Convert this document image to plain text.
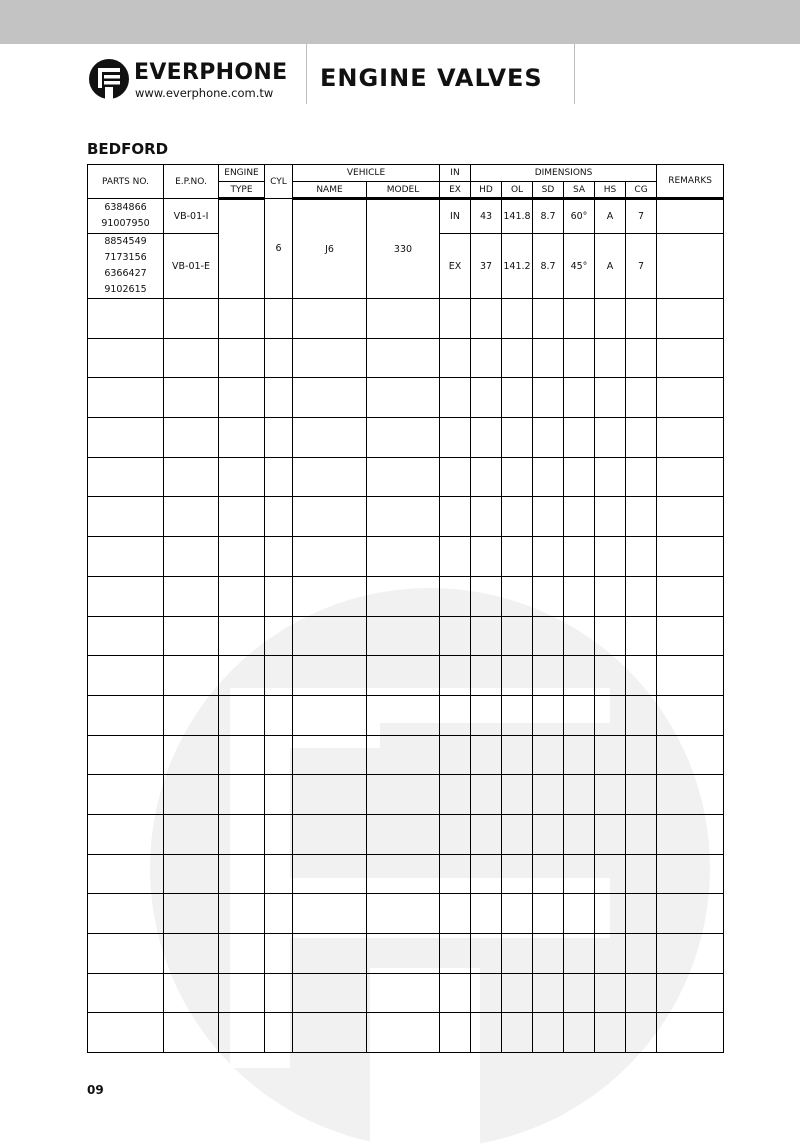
EVERPHONE
www.everphone.com.tw
ENGINE VALVES
BEDFORD
PARTS NO.	E.P.NO.	ENGINE	CYL	VEHICLE		IN	DIMENSIONS						REMARKS
		TYPE		NAME	MODEL	EX	HD	OL	SD	SA	HS	CG	

6384866
91007950	VB-01-I		6	J6	330	IN	43	141.8	8.7	60°	A	7	

8854549
7173156
6366427
9102615	VB-01-E					EX	37	141.2	8.7	45°	A	7	

09
